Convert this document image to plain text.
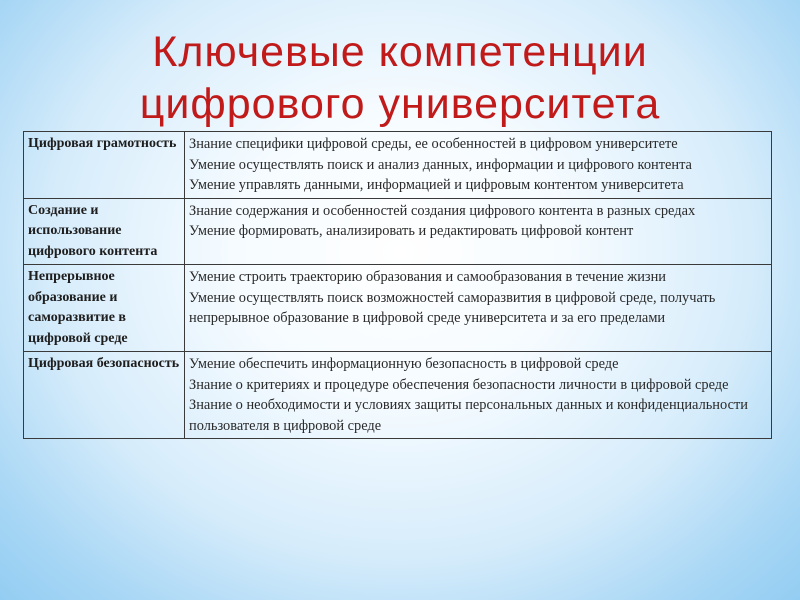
Ключевые компетенции
цифрового университета
Цифровая грамотность	Знание специфики цифровой среды, ее особенностей в цифровом университете
Умение осуществлять поиск и анализ данных, информации и цифрового контента
Умение управлять данными, информацией и цифровым контентом университета

Создание и использование цифрового контента	Знание содержания и особенностей создания цифрового контента в разных средах
Умение формировать, анализировать и редактировать цифровой контент

Непрерывное образование и саморазвитие в цифровой среде	Умение строить траекторию образования и самообразования в течение жизни
Умение осуществлять поиск возможностей саморазвития в цифровой среде, получать непрерывное образование в цифровой среде университета и за его пределами

Цифровая безопасность	Умение обеспечить информационную безопасность в цифровой среде
Знание о критериях и процедуре обеспечения безопасности личности в цифровой среде
Знание о необходимости и условиях защиты персональных данных и конфиденциальности пользователя в цифровой среде
